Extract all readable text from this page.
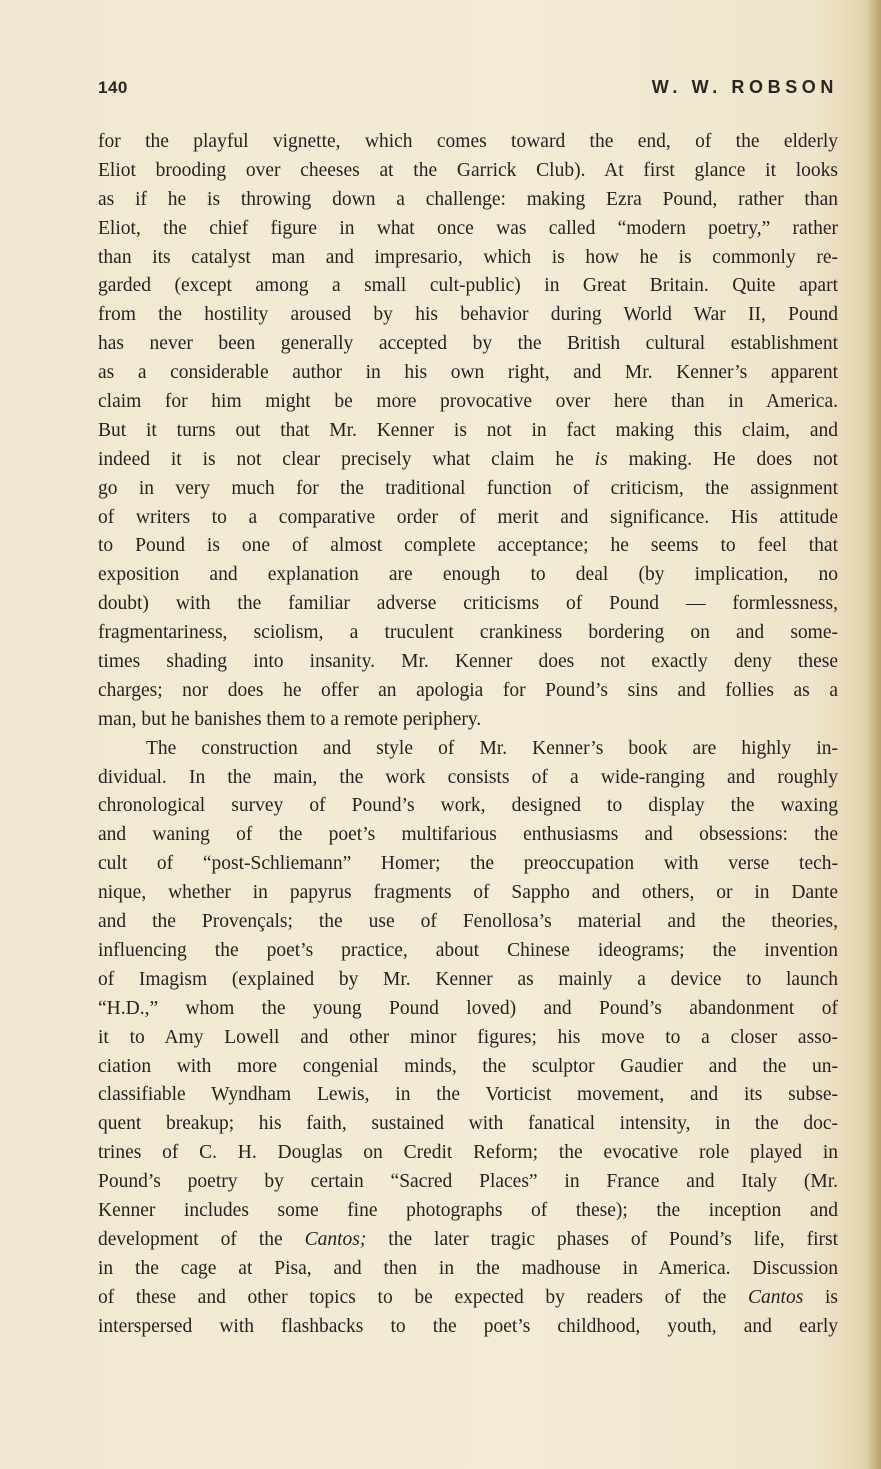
140	W. W. ROBSON
for the playful vignette, which comes toward the end, of the elderly
Eliot brooding over cheeses at the Garrick Club). At first glance it looks
as if he is throwing down a challenge: making Ezra Pound, rather than
Eliot, the chief figure in what once was called “modern poetry,” rather
than its catalyst man and impresario, which is how he is commonly re-
garded (except among a small cult-public) in Great Britain. Quite apart
from the hostility aroused by his behavior during World War II, Pound
has never been generally accepted by the British cultural establishment
as a considerable author in his own right, and Mr. Kenner’s apparent
claim for him might be more provocative over here than in America.
But it turns out that Mr. Kenner is not in fact making this claim, and
indeed it is not clear precisely what claim he is making. He does not
go in very much for the traditional function of criticism, the assignment
of writers to a comparative order of merit and significance. His attitude
to Pound is one of almost complete acceptance; he seems to feel that
exposition and explanation are enough to deal (by implication, no
doubt) with the familiar adverse criticisms of Pound — formlessness,
fragmentariness, sciolism, a truculent crankiness bordering on and some-
times shading into insanity. Mr. Kenner does not exactly deny these
charges; nor does he offer an apologia for Pound’s sins and follies as a
man, but he banishes them to a remote periphery.
The construction and style of Mr. Kenner’s book are highly in-
dividual. In the main, the work consists of a wide-ranging and roughly
chronological survey of Pound’s work, designed to display the waxing
and waning of the poet’s multifarious enthusiasms and obsessions: the
cult of “post-Schliemann” Homer; the preoccupation with verse tech-
nique, whether in papyrus fragments of Sappho and others, or in Dante
and the Provençals; the use of Fenollosa’s material and the theories,
influencing the poet’s practice, about Chinese ideograms; the invention
of Imagism (explained by Mr. Kenner as mainly a device to launch
“H.D.,” whom the young Pound loved) and Pound’s abandonment of
it to Amy Lowell and other minor figures; his move to a closer asso-
ciation with more congenial minds, the sculptor Gaudier and the un-
classifiable Wyndham Lewis, in the Vorticist movement, and its subse-
quent breakup; his faith, sustained with fanatical intensity, in the doc-
trines of C. H. Douglas on Credit Reform; the evocative role played in
Pound’s poetry by certain “Sacred Places” in France and Italy (Mr.
Kenner includes some fine photographs of these); the inception and
development of the Cantos; the later tragic phases of Pound’s life, first
in the cage at Pisa, and then in the madhouse in America. Discussion
of these and other topics to be expected by readers of the Cantos is
interspersed with flashbacks to the poet’s childhood, youth, and early
